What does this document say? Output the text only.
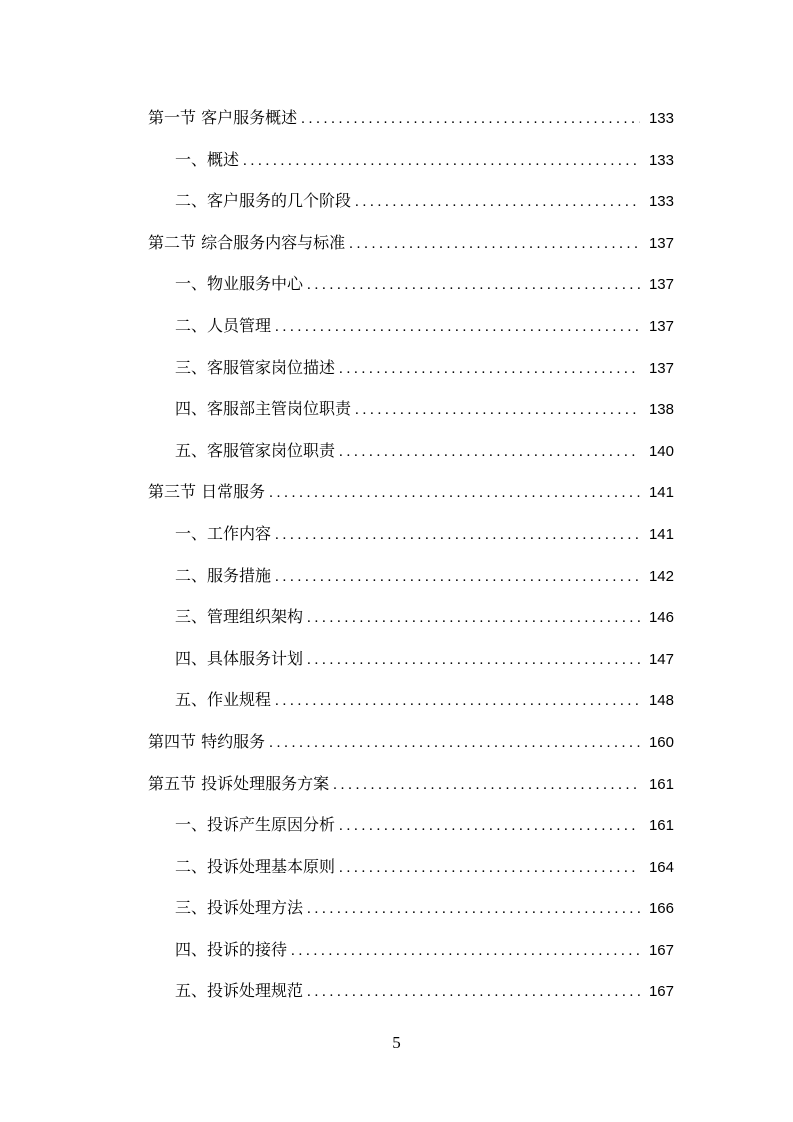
第一节 客户服务概述 . . .	133
一、概述 . . .	133
二、客户服务的几个阶段 . . .	133
第二节 综合服务内容与标准 . . .	137
一、物业服务中心 . . .	137
二、人员管理 . . .	137
三、客服管家岗位描述 . . .	137
四、客服部主管岗位职责 . . .	138
五、客服管家岗位职责 . . .	140
第三节 日常服务 . . .	141
一、工作内容 . . .	141
二、服务措施 . . .	142
三、管理组织架构 . . .	146
四、具体服务计划 . . .	147
五、作业规程 . . .	148
第四节 特约服务 . . .	160
第五节 投诉处理服务方案 . . .	161
一、投诉产生原因分析 . . .	161
二、投诉处理基本原则 . . .	164
三、投诉处理方法 . . .	166
四、投诉的接待 . . .	167
五、投诉处理规范 . . .	167
5
